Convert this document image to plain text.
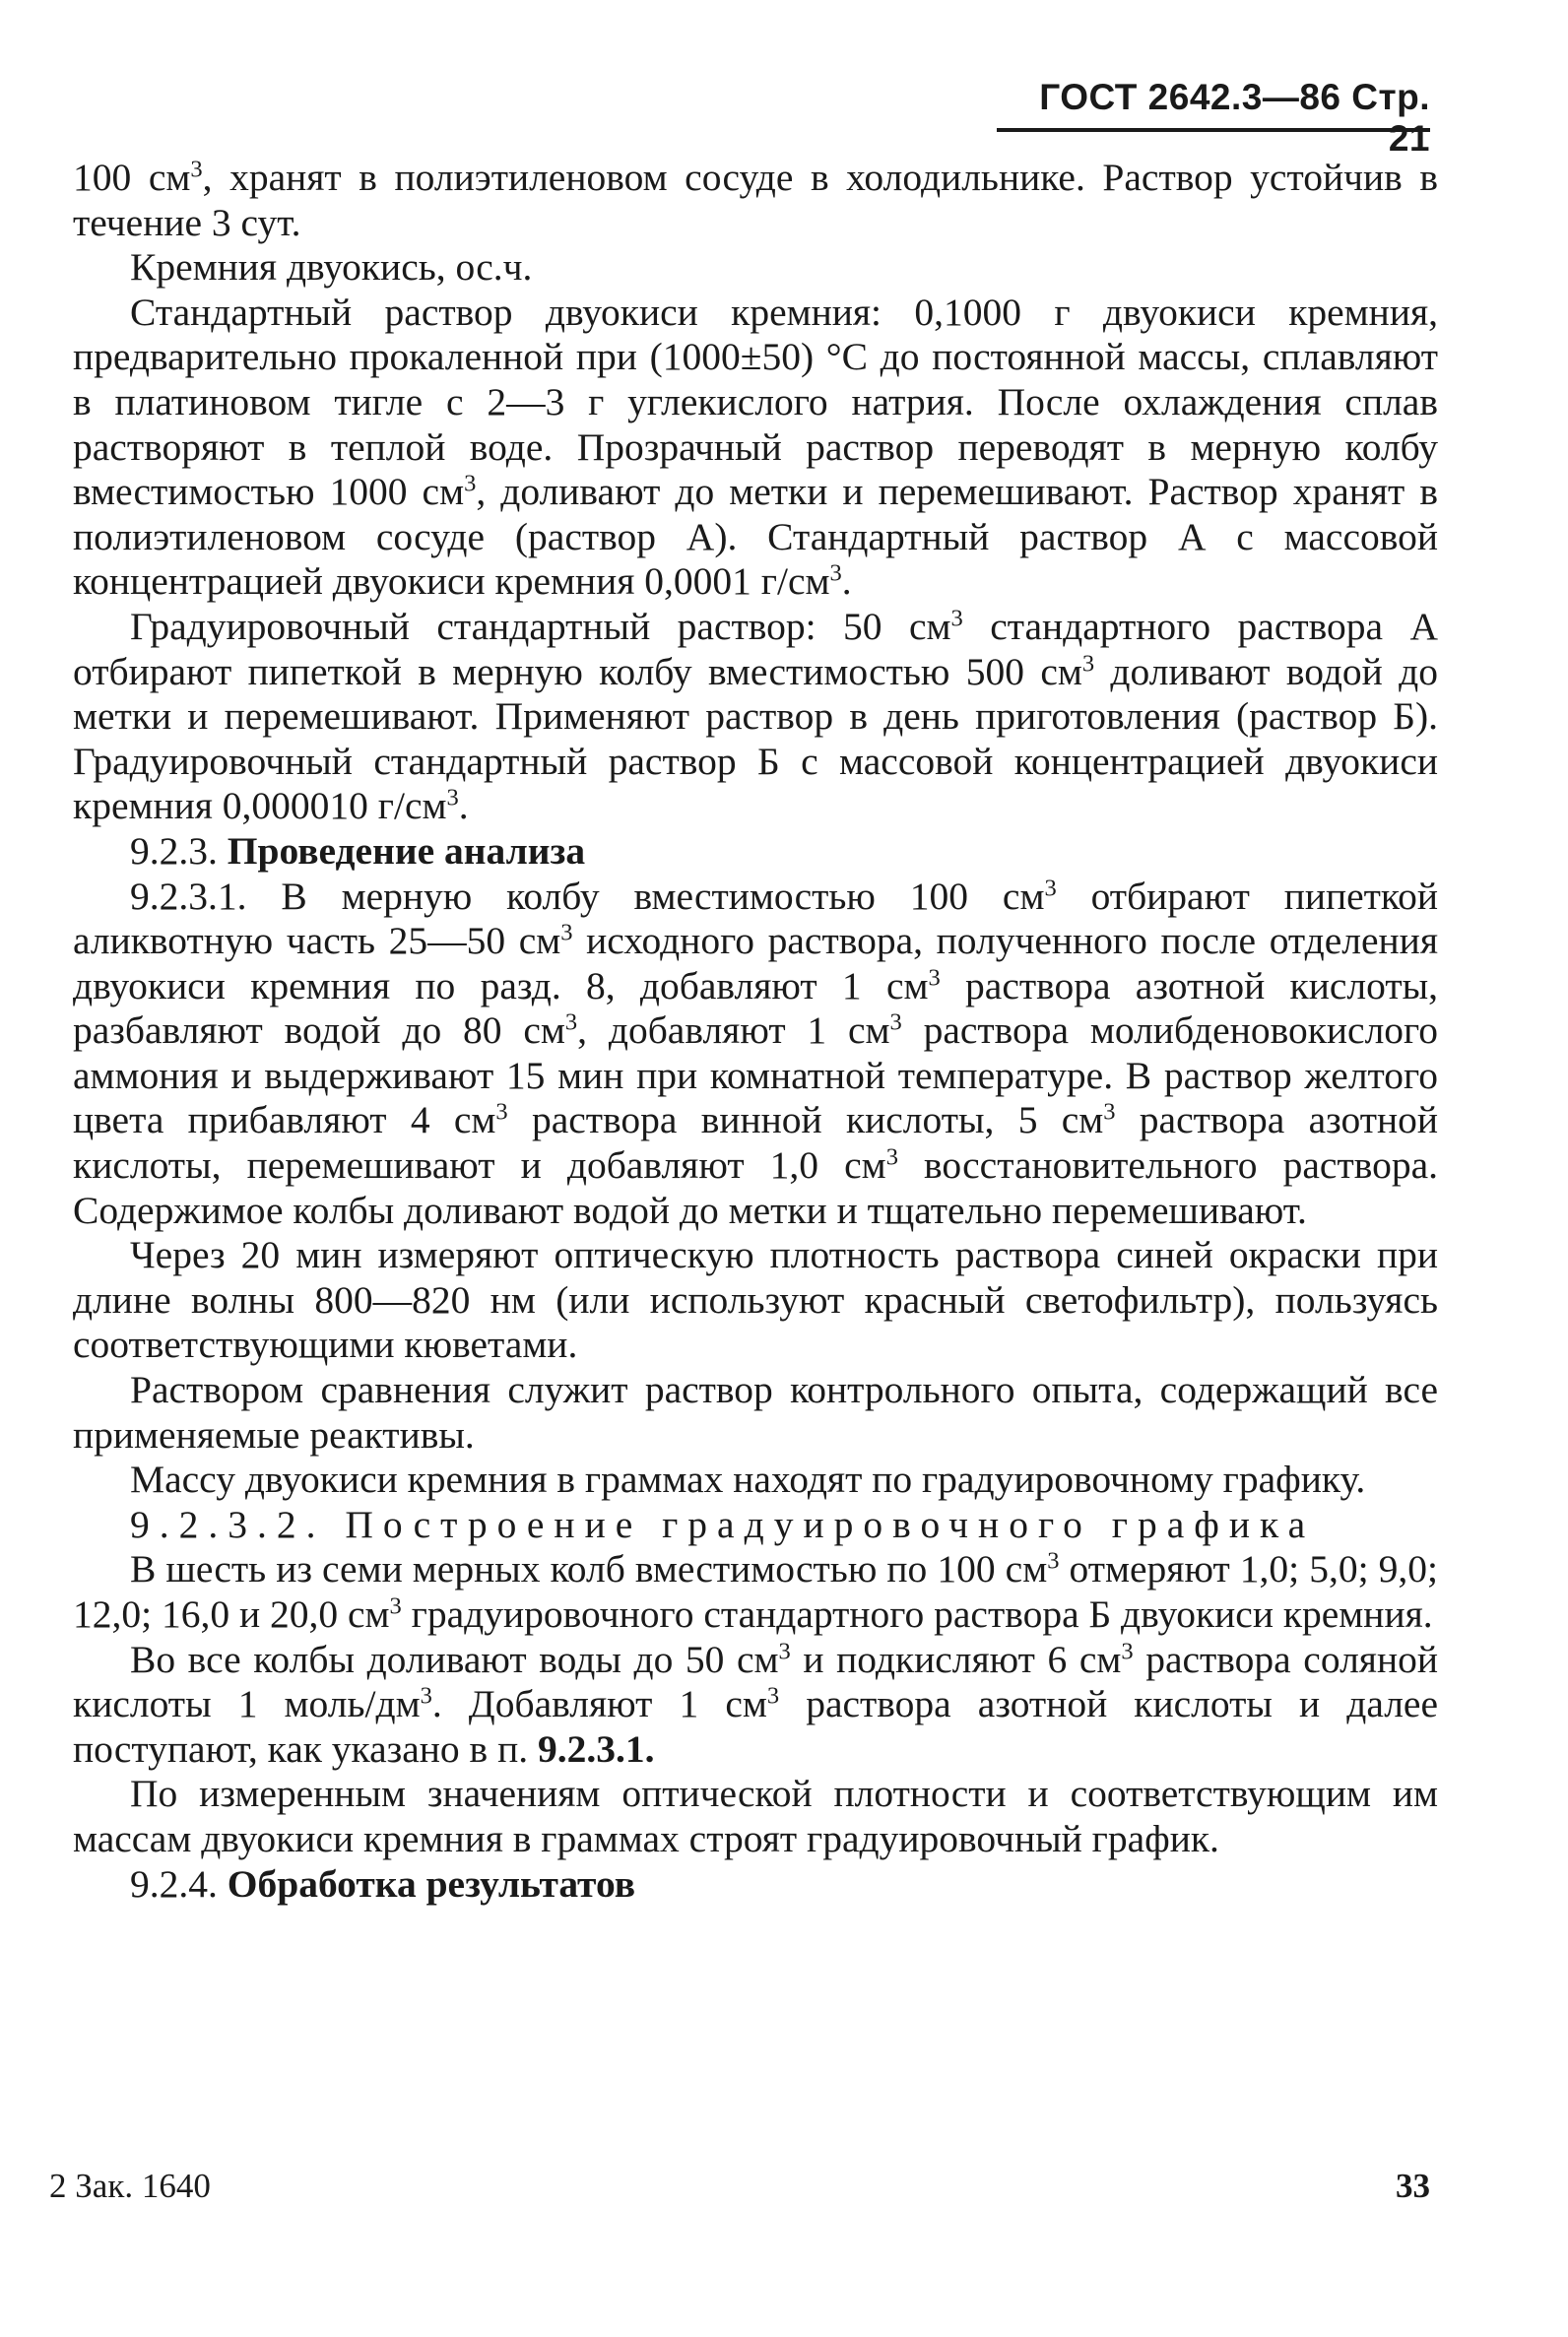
ГОСТ 2642.3—86 Стр. 21

100 $см^3$, хранят в полиэтиленовом сосуде в холодильнике. Раствор устойчив в течение 3 сут.

Кремния двуокись, ос.ч.

Стандартный раствор двуокиси кремния: 0,1000 г двуокиси кремния, предварительно прокаленной при (1000±50) °С до постоянной массы, сплавляют в платиновом тигле с 2—3 г углекислого натрия. После охлаждения сплав растворяют в теплой воде. Прозрачный раствор переводят в мерную колбу вместимостью 1000 $см^3$, доливают до метки и перемешивают. Раствор хранят в полиэтиленовом сосуде (раствор А). Стандартный раствор А с массовой концентрацией двуокиси кремния 0,0001 $г/см^3$.

Градуировочный стандартный раствор: 50 $см^3$ стандартного раствора А отбирают пипеткой в мерную колбу вместимостью 500 $см^3$ доливают водой до метки и перемешивают. Применяют раствор в день приготовления (раствор Б). Градуировочный стандартный раствор Б с массовой концентрацией двуокиси кремния 0,000010 $г/см^3$.

9.2.3. Проведение анализа

9.2.3.1. В мерную колбу вместимостью 100 $см^3$ отбирают пипеткой аликвотную часть 25—50 $см^3$ исходного раствора, полученного после отделения двуокиси кремния по разд. 8, добавляют 1 $см^3$ раствора азотной кислоты, разбавляют водой до 80 $см^3$, добавляют 1 $см^3$ раствора молибденовокислого аммония и выдерживают 15 мин при комнатной температуре. В раствор желтого цвета прибавляют 4 $см^3$ раствора винной кислоты, 5 $см^3$ раствора азотной кислоты, перемешивают и добавляют 1,0 $см^3$ восстановительного раствора. Содержимое колбы доливают водой до метки и тщательно перемешивают.

Через 20 мин измеряют оптическую плотность раствора синей окраски при длине волны 800—820 нм (или используют красный светофильтр), пользуясь соответствующими кюветами.

Раствором сравнения служит раствор контрольного опыта, содержащий все применяемые реактивы.

Массу двуокиси кремния в граммах находят по градуировочному графику.

9.2.3.2. Построение градуировочного графика

В шесть из семи мерных колб вместимостью по 100 $см^3$ отмеряют 1,0; 5,0; 9,0; 12,0; 16,0 и 20,0 $см^3$ градуировочного стандартного раствора Б двуокиси кремния.

Во все колбы доливают воды до 50 $см^3$ и подкисляют 6 $см^3$ раствора соляной кислоты 1 моль/$дм^3$. Добавляют 1 $см^3$ раствора азотной кислоты и далее поступают, как указано в п. 9.2.3.1.

По измеренным значениям оптической плотности и соответствующим им массам двуокиси кремния в граммах строят градуировочный график.

9.2.4. Обработка результатов

2 Зак. 1640	33
